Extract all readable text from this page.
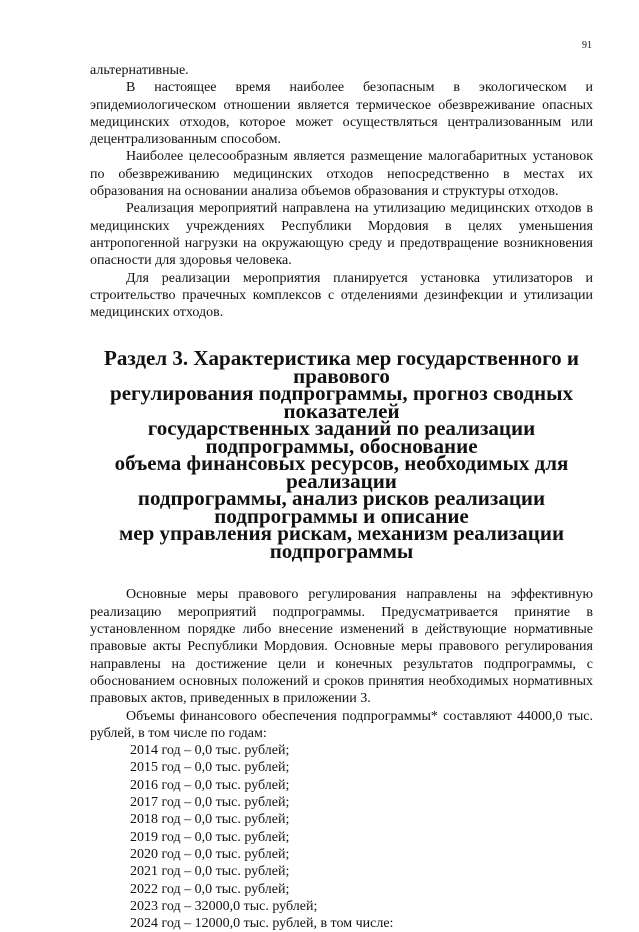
91

альтернативные.

В настоящее время наиболее безопасным в экологическом и эпидемиологическом отношении является термическое обезвреживание опасных медицинских отходов, которое может осуществляться централизованным или децентрализованным способом.

Наиболее целесообразным является размещение малогабаритных установок по обезвреживанию медицинских отходов непосредственно в местах их образования на основании анализа объемов образования и структуры отходов.

Реализация мероприятий направлена на утилизацию медицинских отходов в медицинских учреждениях Республики Мордовия в целях уменьшения антропогенной нагрузки на окружающую среду и предотвращение возникновения опасности для здоровья человека.

Для реализации мероприятия планируется установка утилизаторов и строительство прачечных комплексов с отделениями дезинфекции и утилизации медицинских отходов.

Раздел 3. Характеристика мер государственного и правового
регулирования подпрограммы, прогноз сводных показателей
государственных заданий по реализации подпрограммы, обоснование
объема финансовых ресурсов, необходимых для реализации
подпрограммы, анализ рисков реализации подпрограммы и описание
мер управления рискам, механизм реализации подпрограммы

Основные меры правового регулирования направлены на эффективную реализацию мероприятий подпрограммы. Предусматривается принятие в установленном порядке либо внесение изменений в действующие нормативные правовые акты Республики Мордовия. Основные меры правового регулирования направлены на достижение цели и конечных результатов подпрограммы, с обоснованием основных положений и сроков принятия необходимых нормативных правовых актов, приведенных в приложении 3.

Объемы финансового обеспечения подпрограммы* составляют 44000,0 тыс. рублей, в том числе по годам:

2014 год – 0,0 тыс. рублей;
2015 год – 0,0 тыс. рублей;
2016 год – 0,0 тыс. рублей;
2017 год – 0,0 тыс. рублей;
2018 год – 0,0 тыс. рублей;
2019 год – 0,0 тыс. рублей;
2020 год – 0,0 тыс. рублей;
2021 год – 0,0 тыс. рублей;
2022 год – 0,0 тыс. рублей;
2023 год – 32000,0 тыс. рублей;
2024 год – 12000,0 тыс. рублей, в том числе:
